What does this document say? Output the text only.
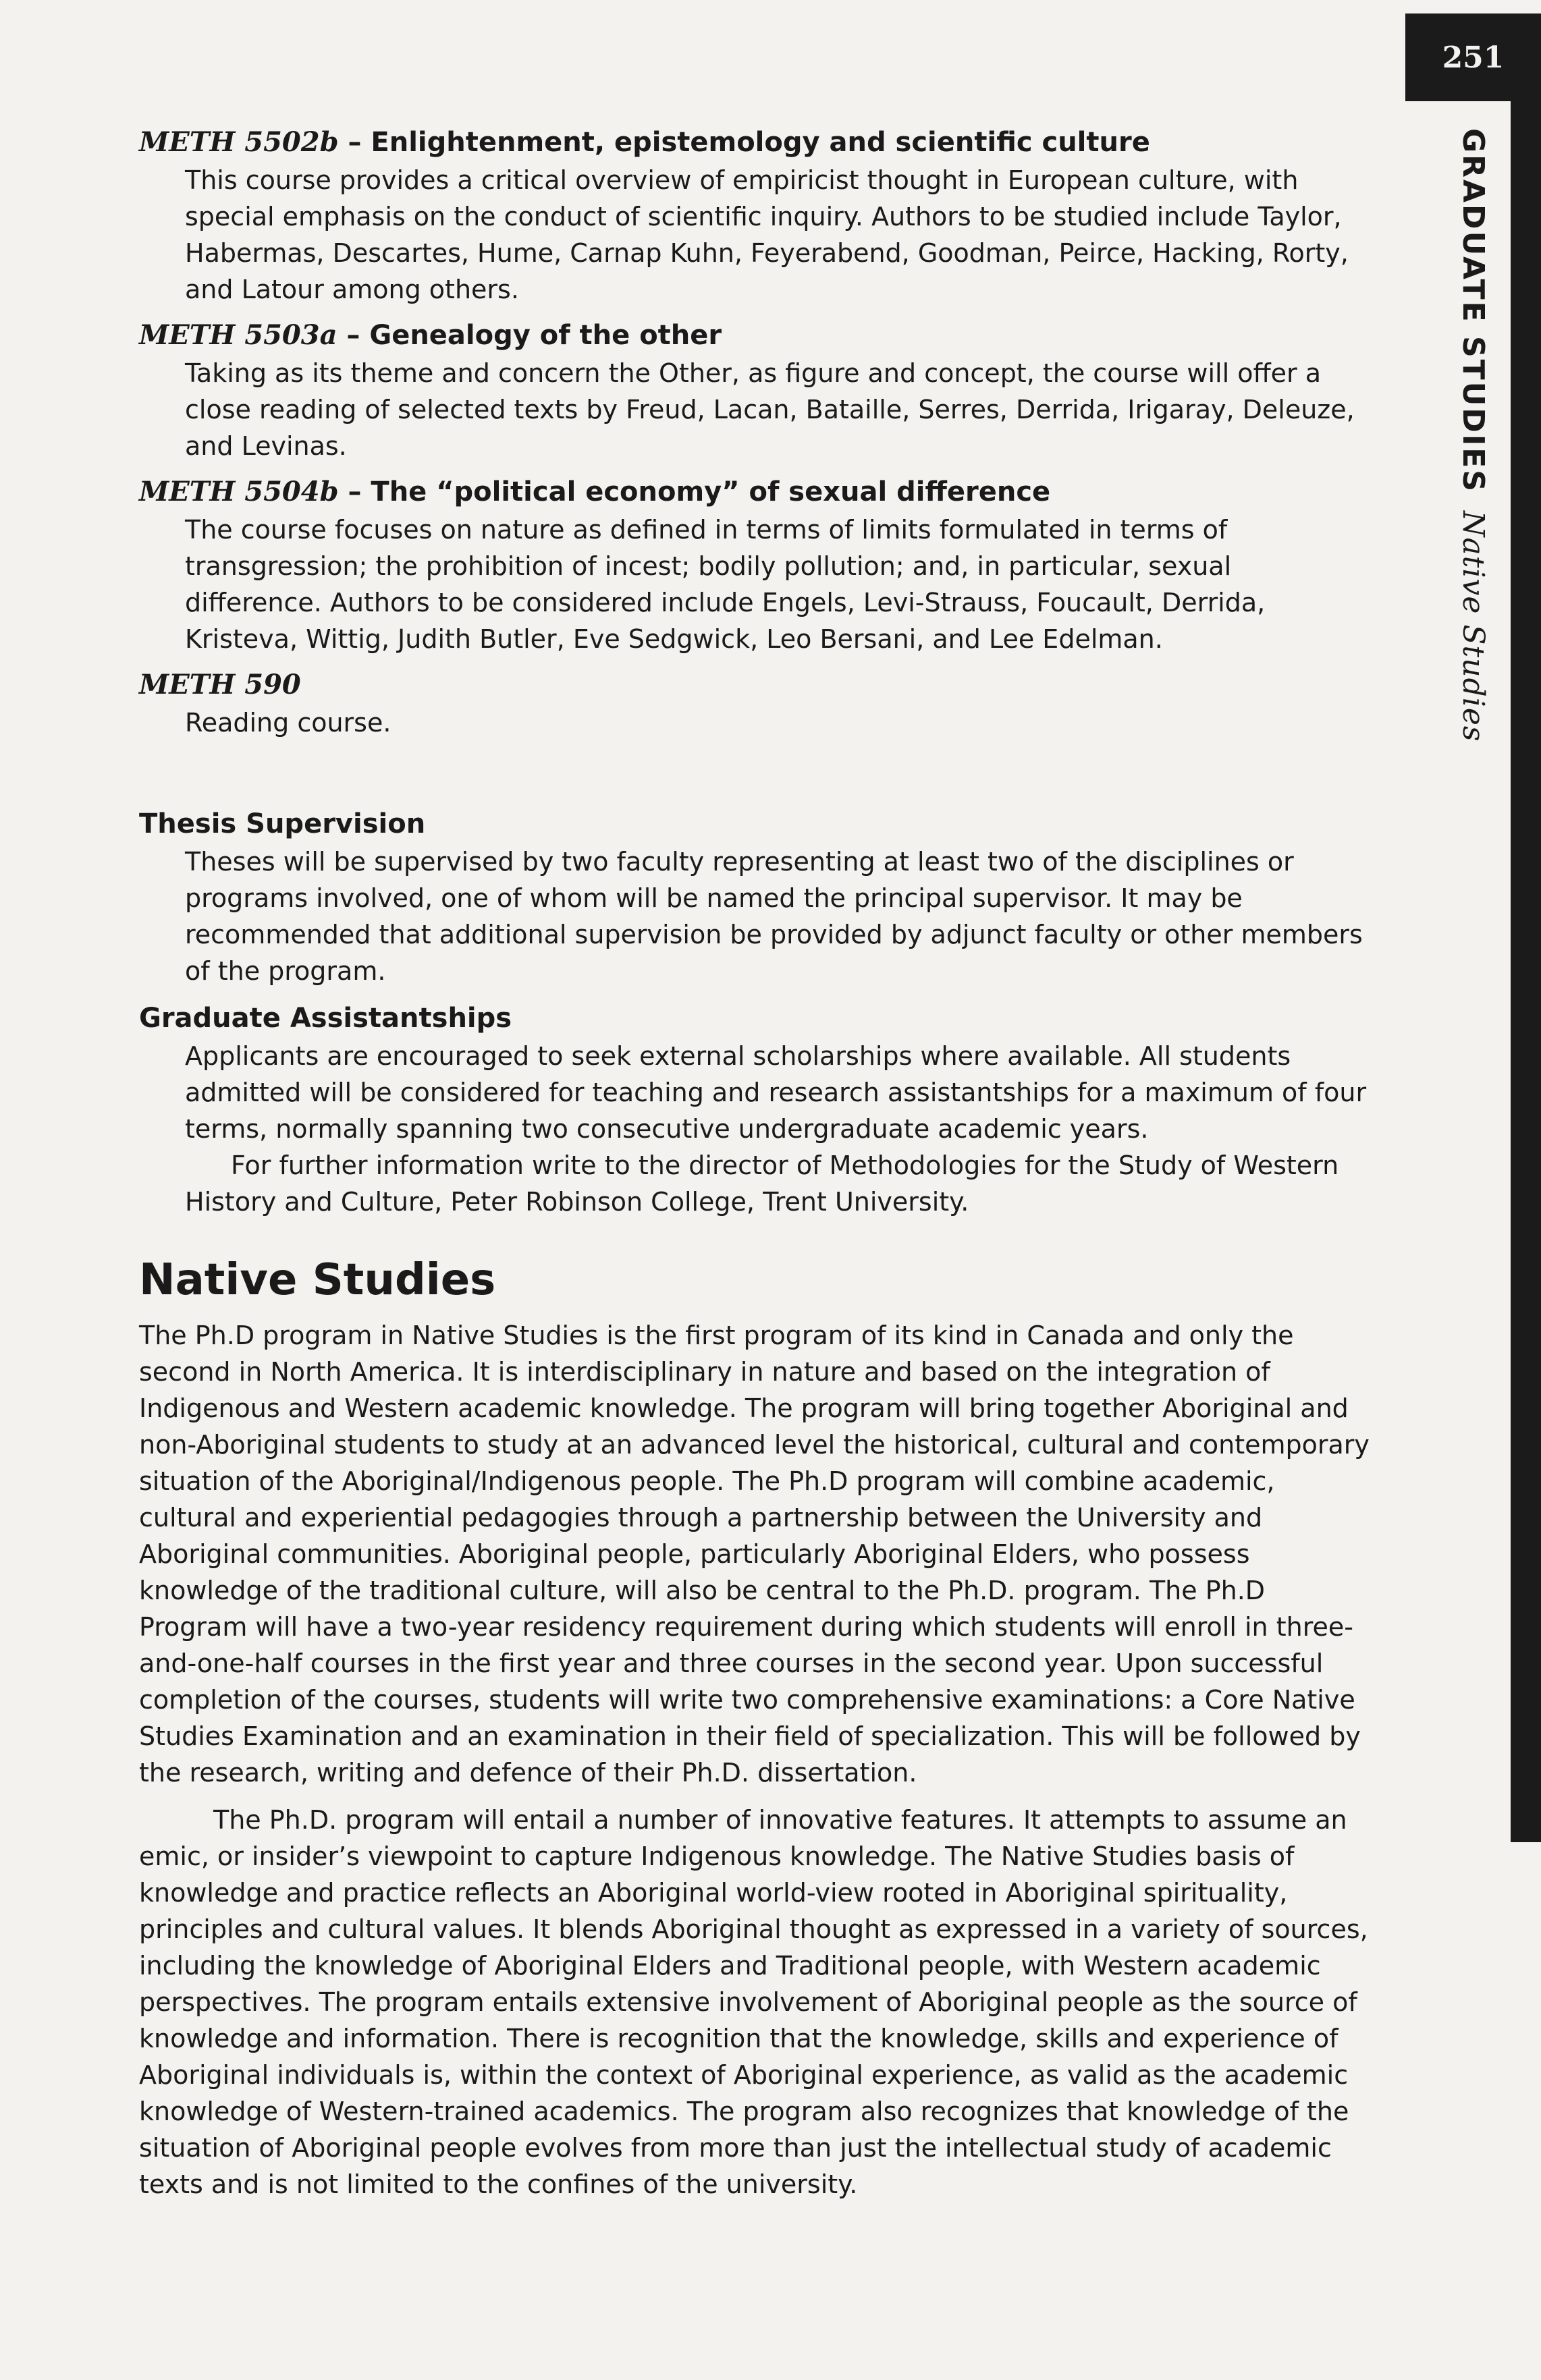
251
GRADUATE STUDIESNative Studies
METH 5502b – Enlightenment, epistemology and scientific culture

This course provides a critical overview of empiricist thought in European culture, with special emphasis on the conduct of scientific inquiry. Authors to be studied include Taylor, Habermas, Descartes, Hume, Carnap Kuhn, Feyerabend, Goodman, Peirce, Hacking, Rorty, and Latour among others.

METH 5503a – Genealogy of the other

Taking as its theme and concern the Other, as figure and concept, the course will offer a close reading of selected texts by Freud, Lacan, Bataille, Serres, Derrida, Irigaray, Deleuze, and Levinas.

METH 5504b – The “political economy” of sexual difference

The course focuses on nature as defined in terms of limits formulated in terms of transgression; the prohibition of incest; bodily pollution; and, in particular, sexual difference. Authors to be considered include Engels, Levi-Strauss, Foucault, Derrida, Kristeva, Wittig, Judith Butler, Eve Sedgwick, Leo Bersani, and Lee Edelman.

METH 590

Reading course.

Thesis Supervision

Theses will be supervised by two faculty representing at least two of the disciplines or programs involved, one of whom will be named the principal supervisor. It may be recommended that additional supervision be provided by adjunct faculty or other members of the program.

Graduate Assistantships

Applicants are encouraged to seek external scholarships where available. All students admitted will be considered for teaching and research assistantships for a maximum of four terms, normally spanning two consecutive undergraduate academic years.

For further information write to the director of Methodologies for the Study of Western History and Culture, Peter Robinson College, Trent University.

Native Studies

The Ph.D program in Native Studies is the first program of its kind in Canada and only the second in North America. It is interdisciplinary in nature and based on the integration of Indigenous and Western academic knowledge. The program will bring together Aboriginal and non-Aboriginal students to study at an advanced level the historical, cultural and contemporary situation of the Aboriginal/Indigenous people. The Ph.D program will combine academic, cultural and experiential pedagogies through a partnership between the University and Aboriginal communities. Aboriginal people, particularly Aboriginal Elders, who possess knowledge of the traditional culture, will also be central to the Ph.D. program. The Ph.D Program will have a two-year residency requirement during which students will enroll in three-and-one-half courses in the first year and three courses in the second year. Upon successful completion of the courses, students will write two comprehensive examinations: a Core Native Studies Examination and an examination in their field of specialization. This will be followed by the research, writing and defence of their Ph.D. dissertation.

The Ph.D. program will entail a number of innovative features. It attempts to assume an emic, or insider’s viewpoint to capture Indigenous knowledge. The Native Studies basis of knowledge and practice reflects an Aboriginal world-view rooted in Aboriginal spirituality, principles and cultural values. It blends Aboriginal thought as expressed in a variety of sources, including the knowledge of Aboriginal Elders and Traditional people, with Western academic perspectives. The program entails extensive involvement of Aboriginal people as the source of knowledge and information. There is recognition that the knowledge, skills and experience of Aboriginal individuals is, within the context of Aboriginal experience, as valid as the academic knowledge of Western-trained academics. The program also recognizes that knowledge of the situation of Aboriginal people evolves from more than just the intellectual study of academic texts and is not limited to the confines of the university.
